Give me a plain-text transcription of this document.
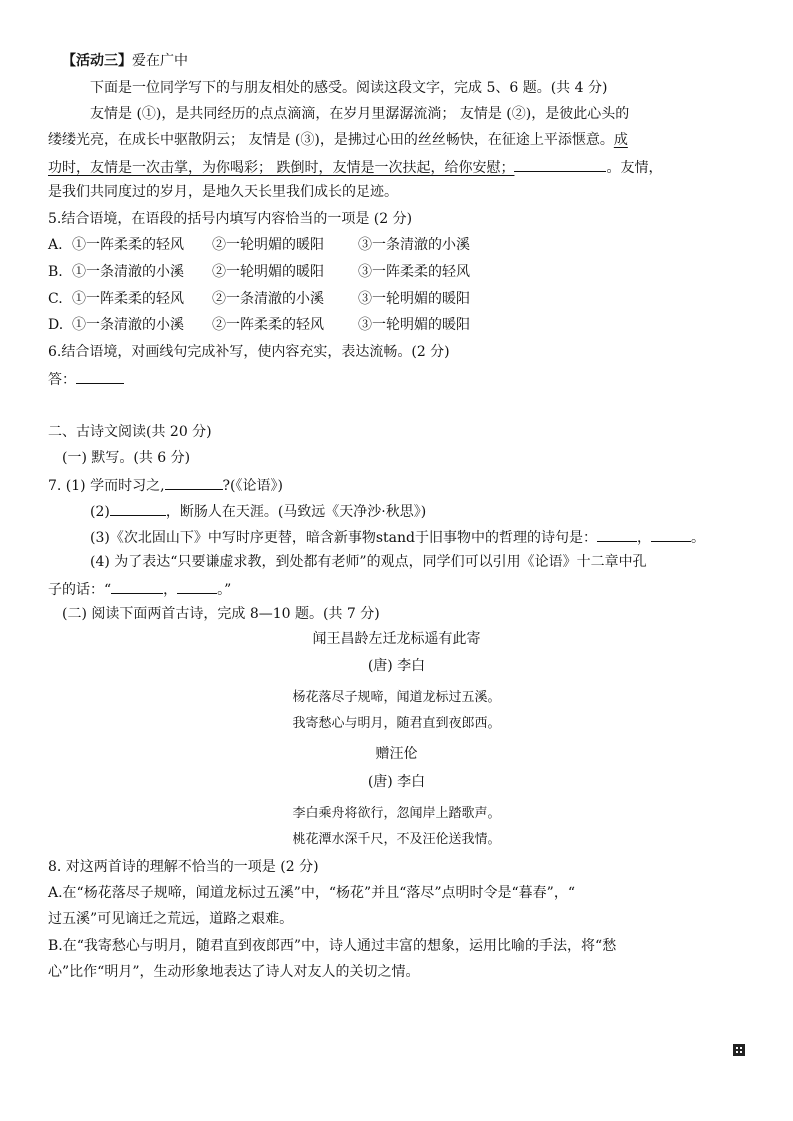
【活动三】爱在广中
下面是一位同学写下的与朋友相处的感受。阅读这段文字，完成 5、6 题。(共 4 分)
友情是 (①)，是共同经历的点点滴滴，在岁月里潺潺流淌； 友情是 (②)，是彼此心头的
缕缕光亮，在成长中驱散阴云； 友情是 (③)，是拂过心田的丝丝畅快，在征途上平添惬意。成
功时，友情是一次击掌，为你喝彩； 跌倒时，友情是一次扶起，给你安慰；	。友情，
是我们共同度过的岁月，是地久天长里我们成长的足迹。
5.结合语境，在语段的括号内填写内容恰当的一项是 (2 分)
A. ①一阵柔柔的轻风 ②一轮明媚的暖阳 ③一条清澈的小溪
B. ①一条清澈的小溪 ②一轮明媚的暖阳 ③一阵柔柔的轻风
C. ①一阵柔柔的轻风 ②一条清澈的小溪 ③一轮明媚的暖阳
D. ①一条清澈的小溪 ②一阵柔柔的轻风 ③一轮明媚的暖阳
6.结合语境，对画线句完成补写，使内容充实，表达流畅。(2 分)
答：
二、古诗文阅读(共 20 分)
(一) 默写。(共 6 分)
7. (1) 学而时习之,	?(《论语》)
(2)	，断肠人在天涯。(马致远《天净沙·秋思》)
(3)《次北固山下》中写时序更替，暗含新事物stand于旧事物中的哲理的诗句是：	，	。
(4) 为了表达“只要谦虚求教，到处都有老师”的观点，同学们可以引用《论语》十二章中孔
子的话：“	，	。”
(二) 阅读下面两首古诗，完成 8—10 题。(共 7 分)
闻王昌龄左迁龙标遥有此寄
(唐) 李白
杨花落尽子规啼，闻道龙标过五溪。
我寄愁心与明月，随君直到夜郎西。
赠汪伦
(唐) 李白
李白乘舟将欲行，忽闻岸上踏歌声。
桃花潭水深千尺，不及汪伦送我情。
8. 对这两首诗的理解不恰当的一项是 (2 分)
A.在“杨花落尽子规啼，闻道龙标过五溪”中，“杨花”并且“落尽”点明时令是“暮春”，“
过五溪”可见谪迁之荒远，道路之艰难。
B.在“我寄愁心与明月，随君直到夜郎西”中，诗人通过丰富的想象，运用比喻的手法，将“愁
心”比作“明月”，生动形象地表达了诗人对友人的关切之情。
